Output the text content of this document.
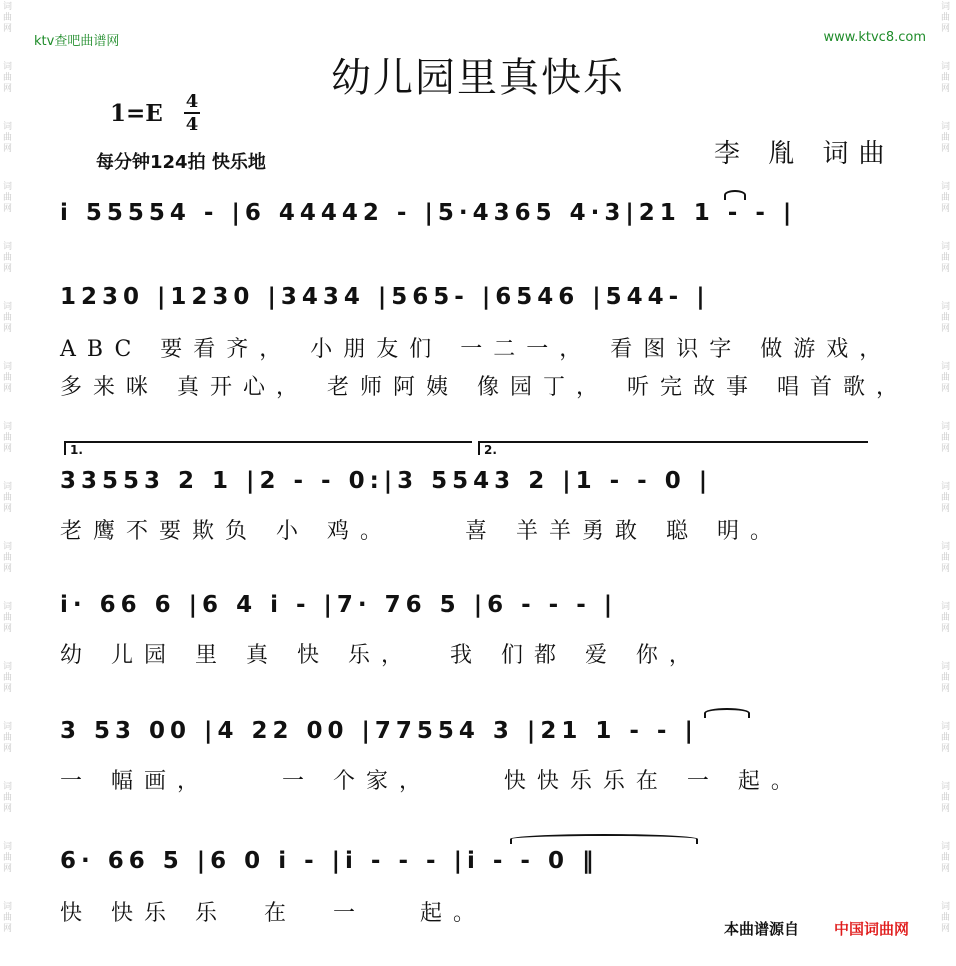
词曲网
词曲网
词曲网
词曲网
词曲网
词曲网
词曲网
词曲网
词曲网
词曲网
词曲网
词曲网
词曲网
词曲网
词曲网
词曲网
词曲网
词曲网
词曲网
词曲网
词曲网
词曲网
词曲网
词曲网
词曲网
词曲网
词曲网
词曲网
词曲网
词曲网
词曲网
词曲网
ktv查吧曲谱网	www.ktvc8.com
幼儿园里真快乐
1=E 4
4
每分钟124拍 快乐地	李 胤 词曲
i 55554 - |6 44442 - |5·4365 4·3|21 1 - - |
1230 |1230 |3434 |565- |6546 |544- |
ABC 要看齐， 小朋友们 一二一， 看图识字 做游戏，
多来咪 真开心， 老师阿姨 像园丁， 听完故事 唱首歌，
1.	2.
33553 2 1 |2 - - 0:|3 5543 2 |1 - - 0 |
老鹰不要欺负 小 鸡。    喜 羊羊勇敢 聪 明。
i· 66 6 |6 4 i - |7· 76 5 |6 - - - |
幼 儿园 里 真 快 乐，  我 们都 爱 你，
3 53 00 |4 22 00 |77554 3 |21 1 - - |
一 幅画，    一 个家，    快快乐乐在 一 起。
6· 66 5 |6 0 i - |i - - - |i - - 0 ‖
快 快乐 乐  在  一   起。
本曲谱源自 中国词曲网
